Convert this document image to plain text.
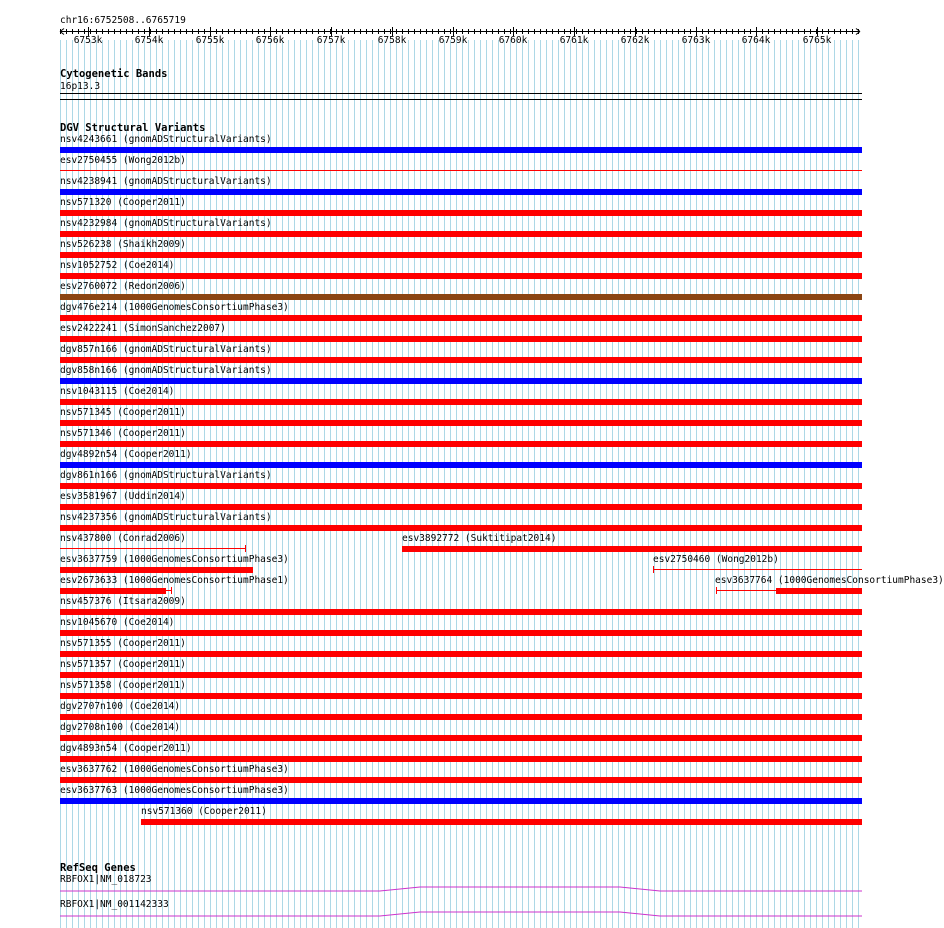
chr16:6752508..6765719
6753k	6754k	6755k	6756k	6757k	6758k	6759k	6760k	6761k	6762k	6763k	6764k	6765k
Cytogenetic Bands
16p13.3
DGV Structural Variants
nsv4243661 (gnomADStructuralVariants)
esv2750455 (Wong2012b)
nsv4238941 (gnomADStructuralVariants)
nsv571320 (Cooper2011)
nsv4232984 (gnomADStructuralVariants)
nsv526238 (Shaikh2009)
nsv1052752 (Coe2014)
esv2760072 (Redon2006)
dgv476e214 (1000GenomesConsortiumPhase3)
esv2422241 (SimonSanchez2007)
dgv857n166 (gnomADStructuralVariants)
dgv858n166 (gnomADStructuralVariants)
nsv1043115 (Coe2014)
nsv571345 (Cooper2011)
nsv571346 (Cooper2011)
dgv4892n54 (Cooper2011)
dgv861n166 (gnomADStructuralVariants)
esv3581967 (Uddin2014)
nsv4237356 (gnomADStructuralVariants)
nsv437800 (Conrad2006)	esv3892772 (Suktitipat2014)
esv3637759 (1000GenomesConsortiumPhase3)	esv2750460 (Wong2012b)
esv2673633 (1000GenomesConsortiumPhase1)	esv3637764 (1000GenomesConsortiumPhase3)
nsv457376 (Itsara2009)
nsv1045670 (Coe2014)
nsv571355 (Cooper2011)
nsv571357 (Cooper2011)
nsv571358 (Cooper2011)
dgv2707n100 (Coe2014)
dgv2708n100 (Coe2014)
dgv4893n54 (Cooper2011)
esv3637762 (1000GenomesConsortiumPhase3)
esv3637763 (1000GenomesConsortiumPhase3)
nsv571360 (Cooper2011)
RefSeq Genes
RBFOX1|NM_018723
RBFOX1|NM_001142333
